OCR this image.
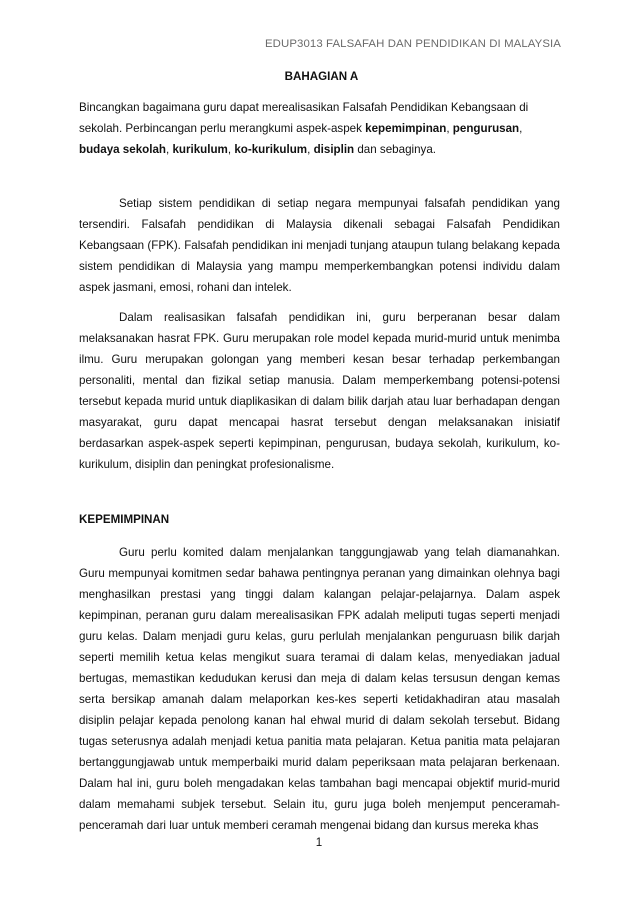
EDUP3013 FALSAFAH DAN PENDIDIKAN DI MALAYSIA
BAHAGIAN A

Bincangkan bagaimana guru dapat merealisasikan Falsafah Pendidikan Kebangsaan di sekolah. Perbincangan perlu merangkumi aspek-aspek kepemimpinan, pengurusan, budaya sekolah, kurikulum, ko-kurikulum, disiplin dan sebaginya.

Setiap sistem pendidikan di setiap negara mempunyai falsafah pendidikan yang tersendiri. Falsafah pendidikan di Malaysia dikenali sebagai Falsafah Pendidikan Kebangsaan (FPK). Falsafah pendidikan ini menjadi tunjang ataupun tulang belakang kepada sistem pendidikan di Malaysia yang mampu memperkembangkan potensi individu dalam aspek jasmani, emosi, rohani dan intelek.

Dalam realisasikan falsafah pendidikan ini, guru berperanan besar dalam melaksanakan hasrat FPK. Guru merupakan role model kepada murid-murid untuk menimba ilmu. Guru merupakan golongan yang memberi kesan besar terhadap perkembangan personaliti, mental dan fizikal setiap manusia. Dalam memperkembang potensi-potensi tersebut kepada murid untuk diaplikasikan di dalam bilik darjah atau luar berhadapan dengan masyarakat, guru dapat mencapai hasrat tersebut dengan melaksanakan inisiatif berdasarkan aspek-aspek seperti kepimpinan, pengurusan, budaya sekolah, kurikulum, ko-kurikulum, disiplin dan peningkat profesionalisme.

KEPEMIMPINAN

Guru perlu komited dalam menjalankan tanggungjawab yang telah diamanahkan. Guru mempunyai komitmen sedar bahawa pentingnya peranan yang dimainkan olehnya bagi menghasilkan prestasi yang tinggi dalam kalangan pelajar-pelajarnya. Dalam aspek kepimpinan, peranan guru dalam merealisasikan FPK adalah meliputi tugas seperti menjadi guru kelas. Dalam menjadi guru kelas, guru perlulah menjalankan penguruasn bilik darjah seperti memilih ketua kelas mengikut suara teramai di dalam kelas, menyediakan jadual bertugas, memastikan kedudukan kerusi dan meja di dalam kelas tersusun dengan kemas serta bersikap amanah dalam melaporkan kes-kes seperti ketidakhadiran atau masalah disiplin pelajar kepada penolong kanan hal ehwal murid di dalam sekolah tersebut. Bidang tugas seterusnya adalah menjadi ketua panitia mata pelajaran. Ketua panitia mata pelajaran bertanggungjawab untuk memperbaiki murid dalam peperiksaan mata pelajaran berkenaan. Dalam hal ini, guru boleh mengadakan kelas tambahan bagi mencapai objektif murid-murid dalam memahami subjek tersebut. Selain itu, guru juga boleh menjemput penceramah-penceramah dari luar untuk memberi ceramah mengenai bidang dan kursus mereka khas

1
